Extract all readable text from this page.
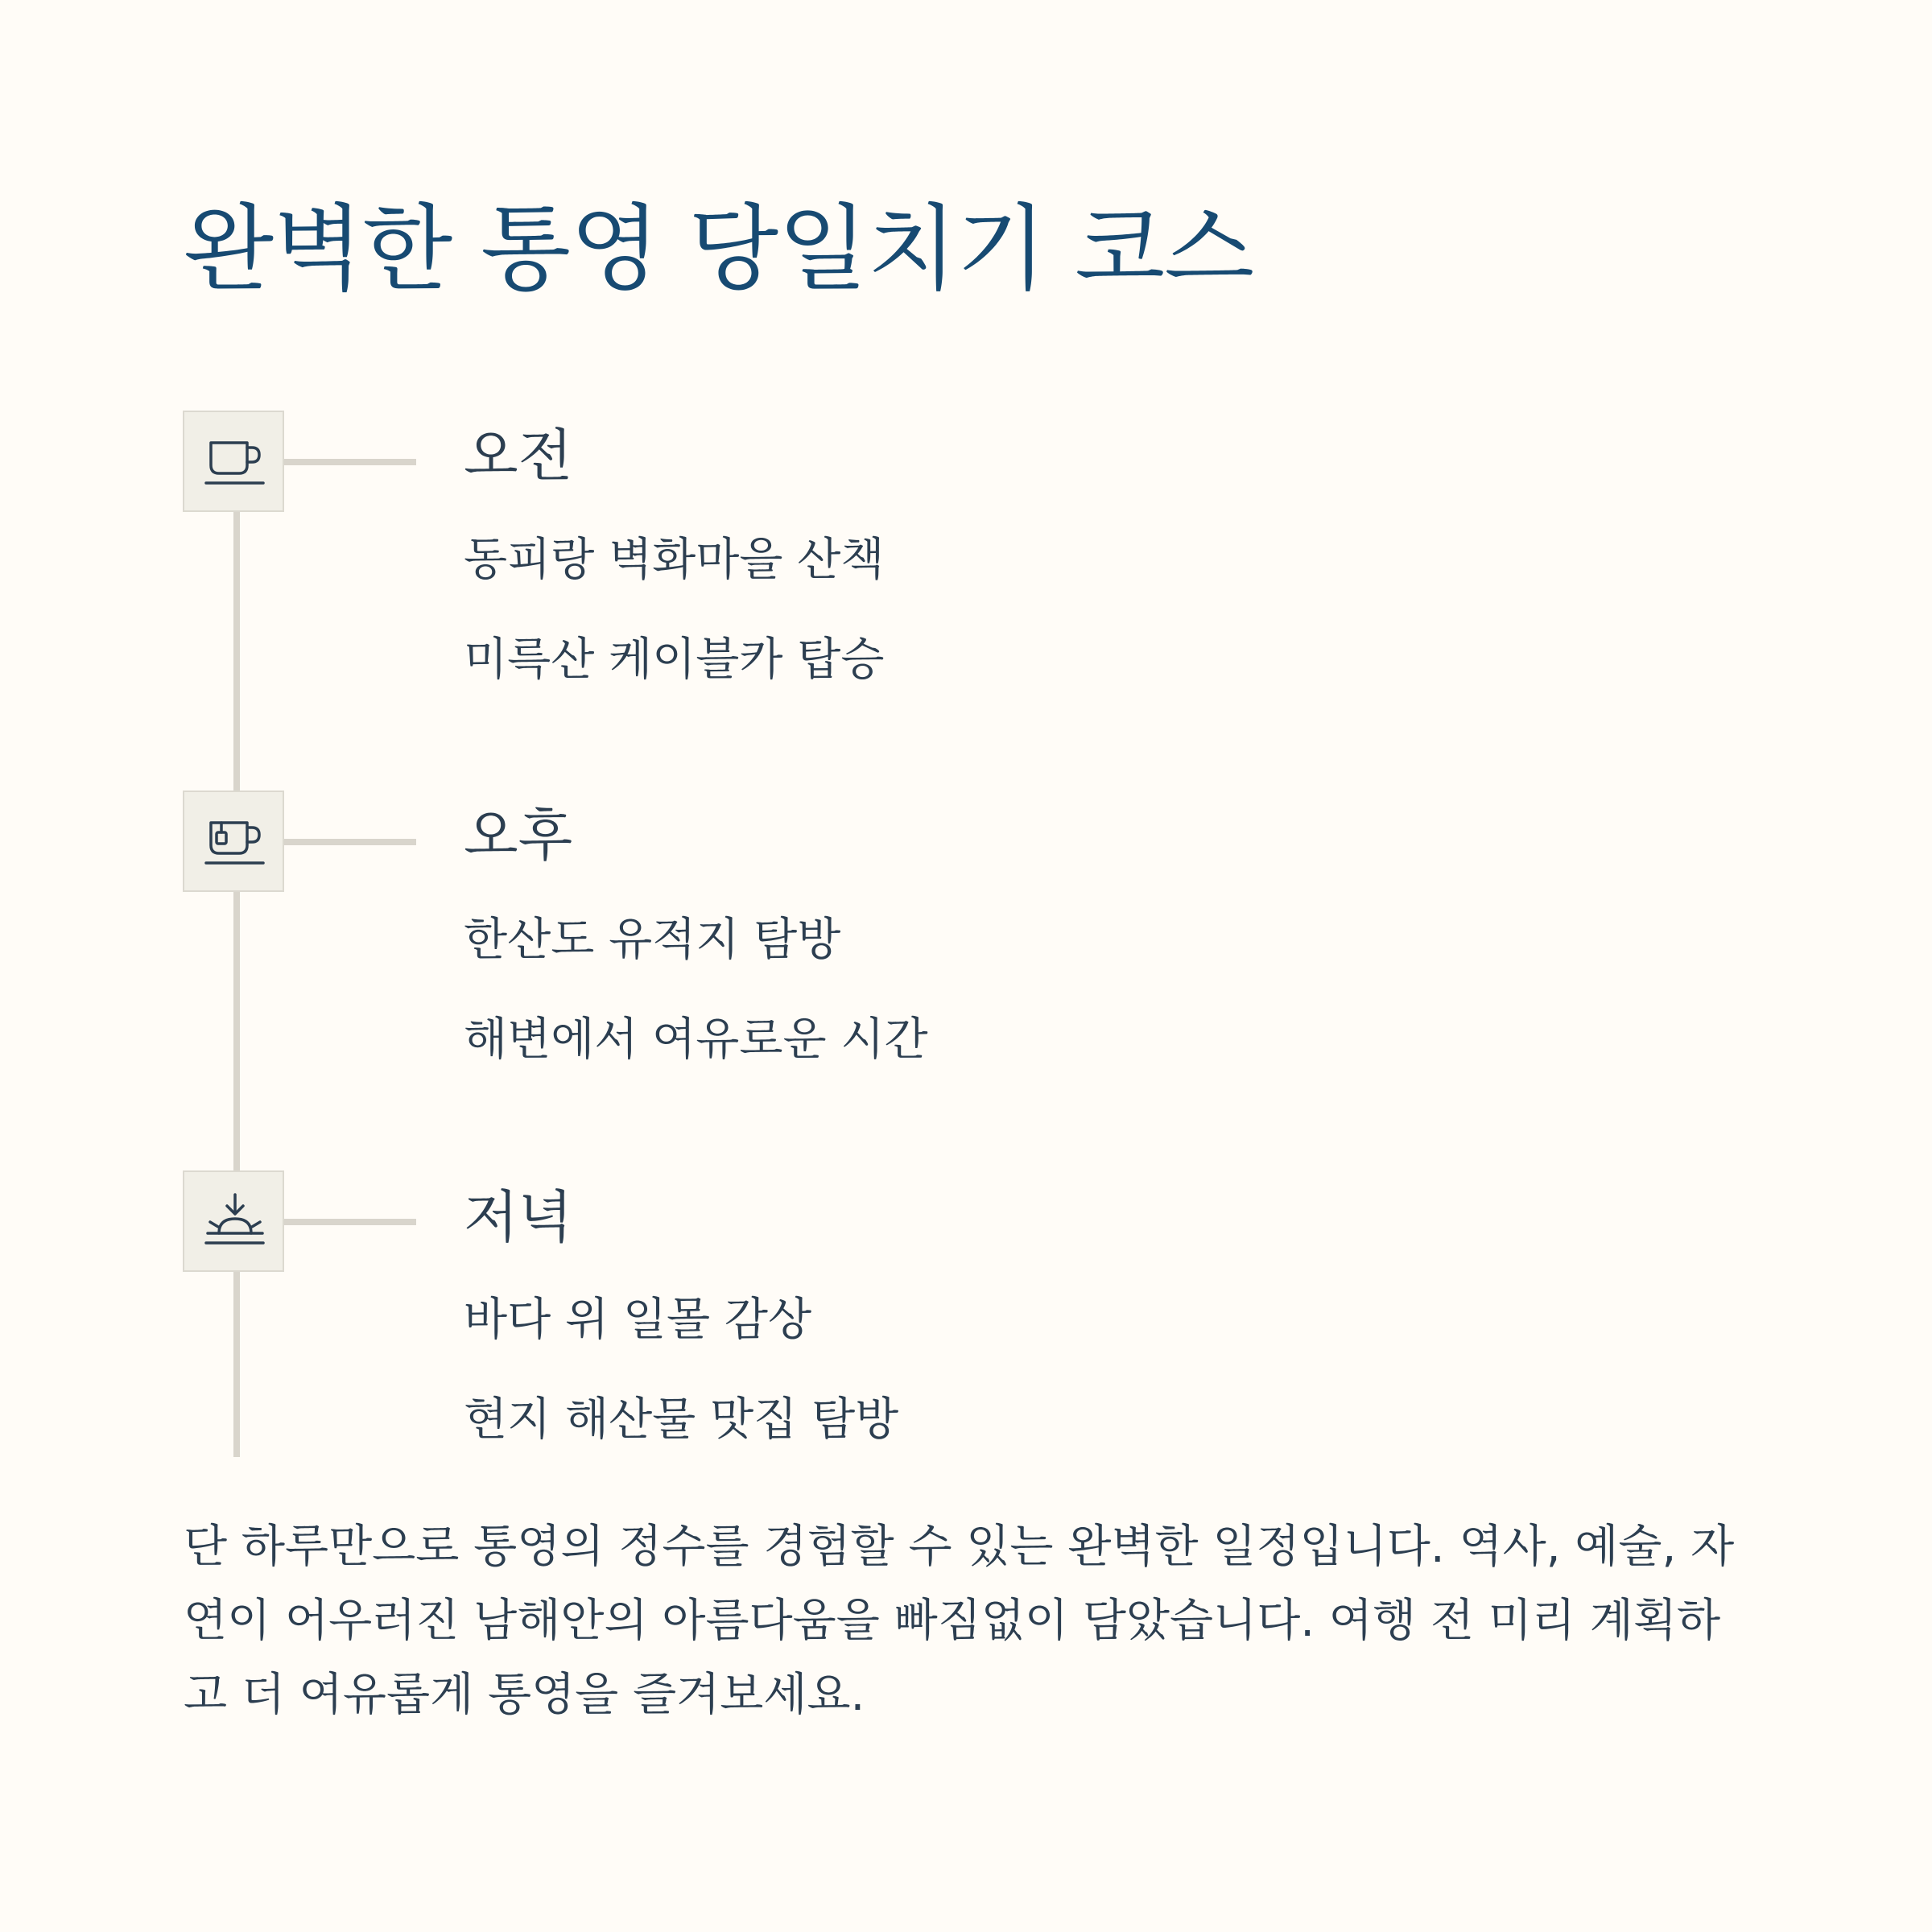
완벽한 통영 당일치기 코스
오전
동피랑 벽화마을 산책
미륵산 케이블카 탑승
오후
한산도 유적지 탐방
해변에서 여유로운 시간
저녁
바다 위 일몰 감상
현지 해산물 맛집 탐방

단 하루만으로 통영의 정수를 경험할 수 있는 완벽한 일정입니다. 역사, 예술, 자연이 어우러진 남해안의 아름다움을 빠짐없이 담았습니다. 여행 전 미리 계획하고 더 여유롭게 통영을 즐겨보세요.
